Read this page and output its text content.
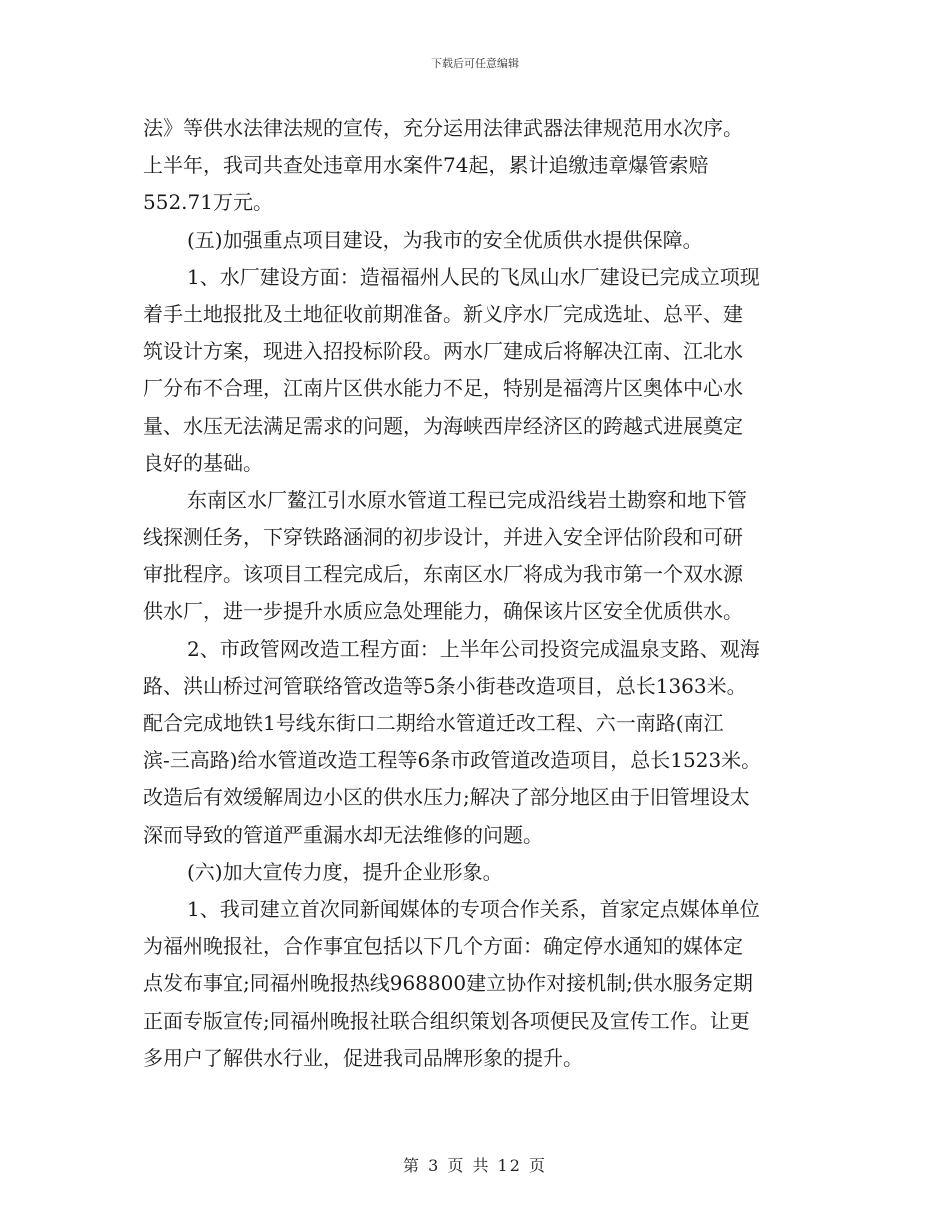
下载后可任意编辑
法》等供水法律法规的宣传，充分运用法律武器法律规范用水次序。
上半年，我司共查处违章用水案件74起，累计追缴违章爆管索赔
552.71万元。
(五)加强重点项目建设，为我市的安全优质供水提供保障。
1、水厂建设方面：造福福州人民的飞凤山水厂建设已完成立项现
着手土地报批及土地征收前期准备。新义序水厂完成选址、总平、建
筑设计方案，现进入招投标阶段。两水厂建成后将解决江南、江北水
厂分布不合理，江南片区供水能力不足，特别是福湾片区奥体中心水
量、水压无法满足需求的问题，为海峡西岸经济区的跨越式进展奠定
良好的基础。
东南区水厂鳌江引水原水管道工程已完成沿线岩土勘察和地下管
线探测任务，下穿铁路涵洞的初步设计，并进入安全评估阶段和可研
审批程序。该项目工程完成后，东南区水厂将成为我市第一个双水源
供水厂，进一步提升水质应急处理能力，确保该片区安全优质供水。
2、市政管网改造工程方面：上半年公司投资完成温泉支路、观海
路、洪山桥过河管联络管改造等5条小街巷改造项目，总长1363米。
配合完成地铁1号线东街口二期给水管道迁改工程、六一南路(南江
滨-三高路)给水管道改造工程等6条市政管道改造项目，总长1523米。
改造后有效缓解周边小区的供水压力;解决了部分地区由于旧管埋设太
深而导致的管道严重漏水却无法维修的问题。
(六)加大宣传力度，提升企业形象。
1、我司建立首次同新闻媒体的专项合作关系，首家定点媒体单位
为福州晚报社，合作事宜包括以下几个方面：确定停水通知的媒体定
点发布事宜;同福州晚报热线968800建立协作对接机制;供水服务定期
正面专版宣传;同福州晚报社联合组织策划各项便民及宣传工作。让更
多用户了解供水行业，促进我司品牌形象的提升。
第 3 页 共 12 页
